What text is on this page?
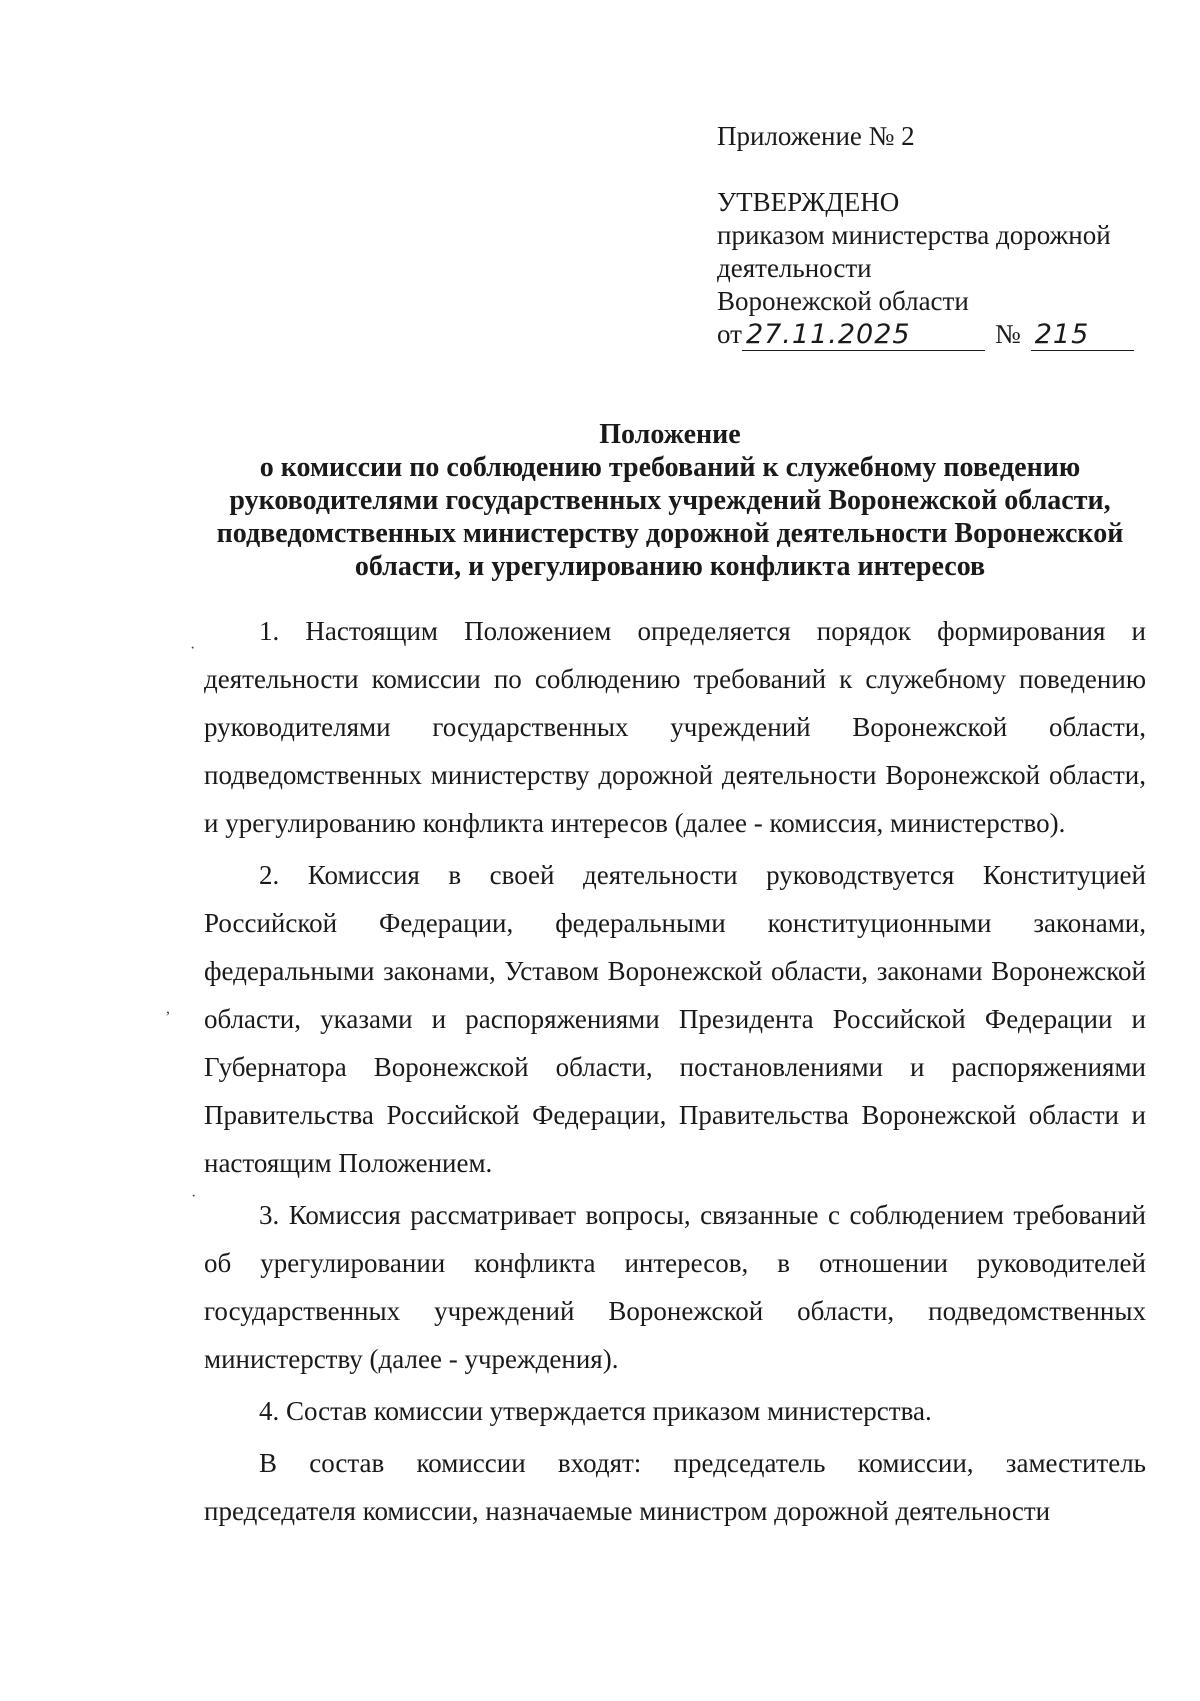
Приложение № 2

УТВЕРЖДЕНО

приказом министерства дорожной

деятельности

Воронежской области

от 27.11.2025	№ 215

Положение

о комиссии по соблюдению требований к служебному поведению

руководителями государственных учреждений Воронежской области,

подведомственных министерству дорожной деятельности Воронежской

области, и урегулированию конфликта интересов

1. Настоящим Положением определяется порядок формирования и деятельности комиссии по соблюдению требований к служебному поведению руководителями государственных учреждений Воронежской области, подведомственных министерству дорожной деятельности Воронежской области, и урегулированию конфликта интересов (далее - комиссия, министерство).

2. Комиссия в своей деятельности руководствуется Конституцией Российской Федерации, федеральными конституционными законами, федеральными законами, Уставом Воронежской области, законами Воронежской области, указами и распоряжениями Президента Российской Федерации и Губернатора Воронежской области, постановлениями и распоряжениями Правительства Российской Федерации, Правительства Воронежской области и настоящим Положением.

3. Комиссия рассматривает вопросы, связанные с соблюдением требований об урегулировании конфликта интересов, в отношении руководителей государственных учреждений Воронежской области, подведомственных министерству (далее - учреждения).

4. Состав комиссии утверждается приказом министерства.

В состав комиссии входят: председатель комиссии, заместитель председателя комиссии, назначаемые министром дорожной деятельности

·
,
·
